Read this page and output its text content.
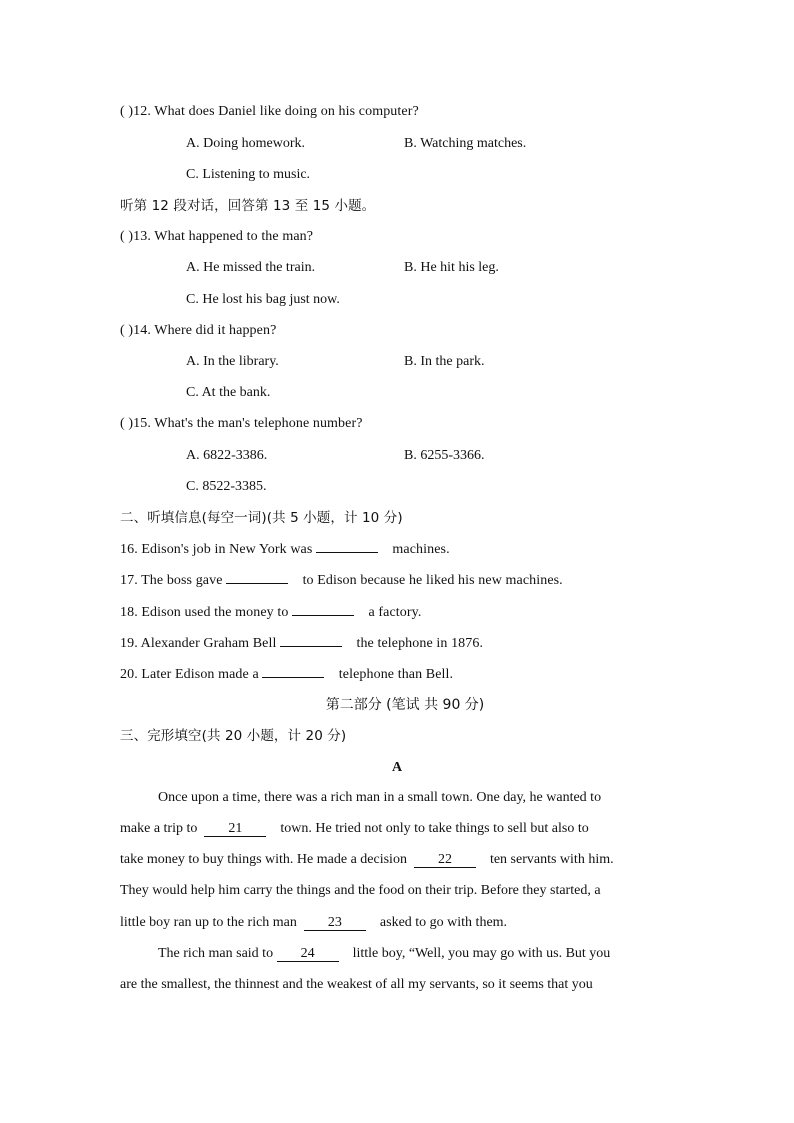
( )12. What does Daniel like doing on his computer?
A. Doing homework.	B. Watching matches.
C. Listening to music.
听第 12 段对话，回答第 13 至 15 小题。
( )13. What happened to the man?
A. He missed the train.	B. He hit his leg.
C. He lost his bag just now.
( )14. Where did it happen?
A. In the library.	B. In the park.
C. At the bank.
( )15. What's the man's telephone number?
A. 6822-3386.	B. 6255-3366.
C. 8522-3385.
二、听填信息(每空一词)(共 5 小题，计 10 分)
16. Edison's job in New York was	machines.
17. The boss gave	to Edison because he liked his new machines.
18. Edison used the money to	a factory.
19. Alexander Graham Bell	the telephone in 1876.
20. Later Edison made a	telephone than Bell.
第二部分 (笔试 共 90 分)
三、完形填空(共 20 小题，计 20 分)
A
Once upon a time, there was a rich man in a small town. One day, he wanted to
make a trip to 21	town. He tried not only to take things to sell but also to
take money to buy things with. He made a decision 22	ten servants with him.
They would help him carry the things and the food on their trip. Before they started, a
little boy ran up to the rich man 23	asked to go with them.
The rich man said to 24	little boy, “Well, you may go with us. But you
are the smallest, the thinnest and the weakest of all my servants, so it seems that you
